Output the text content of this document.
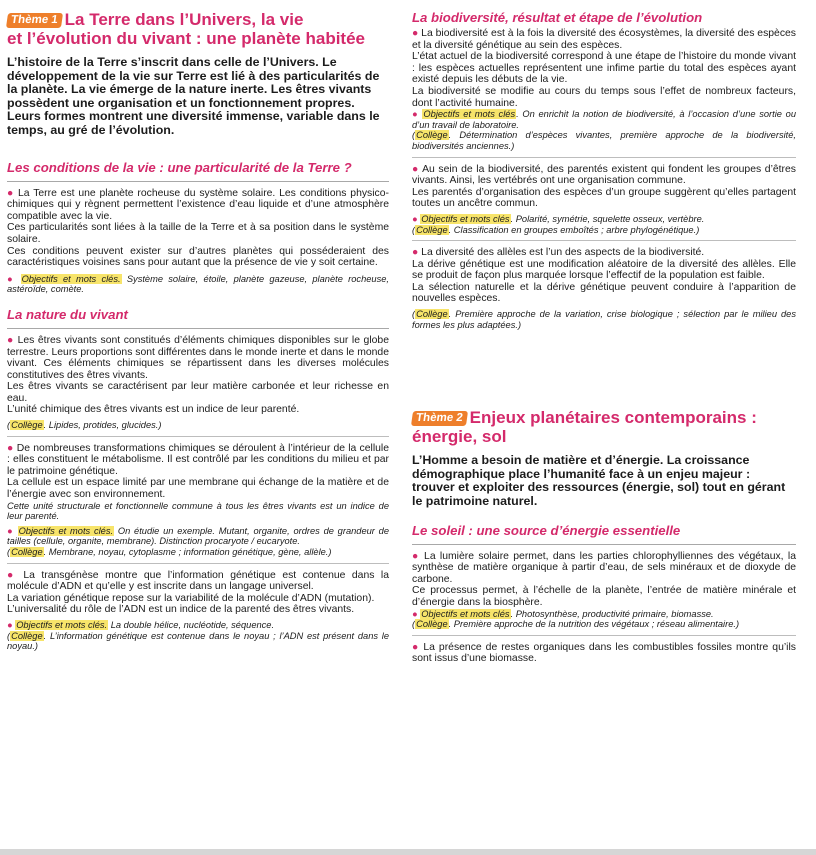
Thème 1 La Terre dans l’Univers, la vie
et l’évolution du vivant : une planète habitée

L’histoire de la Terre s’inscrit dans celle de l’Univers. Le développement de la vie sur Terre est lié à des particularités de la planète. La vie émerge de la nature inerte. Les êtres vivants possèdent une organisation et un fonctionnement propres. Leurs formes montrent une diversité immense, variable dans le temps, au gré de l’évolution.

Les conditions de la vie : une particularité de la Terre ?

● La Terre est une planète rocheuse du système solaire. Les conditions physico-chimiques qui y règnent permettent l’existence d’eau liquide et d’une atmosphère compatible avec la vie.

Ces particularités sont liées à la taille de la Terre et à sa position dans le système solaire.

Ces conditions peuvent exister sur d’autres planètes qui posséderaient des caractéristiques voisines sans pour autant que la présence de vie y soit certaine.

● Objectifs et mots clés. Système solaire, étoile, planète gazeuse, planète rocheuse, astéroïde, comète.

La nature du vivant

● Les êtres vivants sont constitués d’éléments chimiques disponibles sur le globe terrestre. Leurs proportions sont différentes dans le monde inerte et dans le monde vivant. Ces éléments chimiques se répartissent dans les diverses molécules constitutives des êtres vivants.

Les êtres vivants se caractérisent par leur matière carbonée et leur richesse en eau.

L’unité chimique des êtres vivants est un indice de leur parenté.

(Collège. Lipides, protides, glucides.)

● De nombreuses transformations chimiques se déroulent à l’intérieur de la cellule : elles constituent le métabolisme. Il est contrôlé par les conditions du milieu et par le patrimoine génétique.

La cellule est un espace limité par une membrane qui échange de la matière et de l’énergie avec son environnement.

Cette unité structurale et fonctionnelle commune à tous les êtres vivants est un indice de leur parenté.

● Objectifs et mots clés. On étudie un exemple. Mutant, organite, ordres de grandeur de tailles (cellule, organite, membrane). Distinction procaryote / eucaryote.

(Collège. Membrane, noyau, cytoplasme ; information génétique, gène, allèle.)

● La transgénèse montre que l’information génétique est contenue dans la molécule d’ADN et qu’elle y est inscrite dans un langage universel.

La variation génétique repose sur la variabilité de la molécule d’ADN (mutation).

L’universalité du rôle de l’ADN est un indice de la parenté des êtres vivants.

● Objectifs et mots clés. La double hélice, nucléotide, séquence.

(Collège. L’information génétique est contenue dans le noyau ; l’ADN est présent dans le noyau.)

La biodiversité, résultat et étape de l’évolution

● La biodiversité est à la fois la diversité des écosystèmes, la diversité des espèces et la diversité génétique au sein des espèces.

L’état actuel de la biodiversité correspond à une étape de l’histoire du monde vivant : les espèces actuelles représentent une infime partie du total des espèces ayant existé depuis les débuts de la vie.

La biodiversité se modifie au cours du temps sous l’effet de nombreux facteurs, dont l’activité humaine.

● Objectifs et mots clés. On enrichit la notion de biodiversité, à l’occasion d’une sortie ou d’un travail de laboratoire.

(Collège. Détermination d’espèces vivantes, première approche de la biodiversité, biodiversités anciennes.)

● Au sein de la biodiversité, des parentés existent qui fondent les groupes d’êtres vivants. Ainsi, les vertébrés ont une organisation commune.

Les parentés d’organisation des espèces d’un groupe suggèrent qu’elles partagent toutes un ancêtre commun.

● Objectifs et mots clés. Polarité, symétrie, squelette osseux, vertèbre.

(Collège. Classification en groupes emboîtés ; arbre phylogénétique.)

● La diversité des allèles est l’un des aspects de la biodiversité.

La dérive génétique est une modification aléatoire de la diversité des allèles. Elle se produit de façon plus marquée lorsque l’effectif de la population est faible.

La sélection naturelle et la dérive génétique peuvent conduire à l’apparition de nouvelles espèces.

(Collège. Première approche de la variation, crise biologique ; sélection par le milieu des formes les plus adaptées.)

Thème 2 Enjeux planétaires contemporains :
énergie, sol

L’Homme a besoin de matière et d’énergie. La croissance démographique place l’humanité face à un enjeu majeur : trouver et exploiter des ressources (énergie, sol) tout en gérant le patrimoine naturel.

Le soleil : une source d’énergie essentielle

● La lumière solaire permet, dans les parties chlorophylliennes des végétaux, la synthèse de matière organique à partir d’eau, de sels minéraux et de dioxyde de carbone.

Ce processus permet, à l’échelle de la planète, l’entrée de matière minérale et d’énergie dans la biosphère.

● Objectifs et mots clés. Photosynthèse, productivité primaire, biomasse.

(Collège. Première approche de la nutrition des végétaux ; réseau alimentaire.)

● La présence de restes organiques dans les combustibles fossiles montre qu’ils sont issus d’une biomasse.
